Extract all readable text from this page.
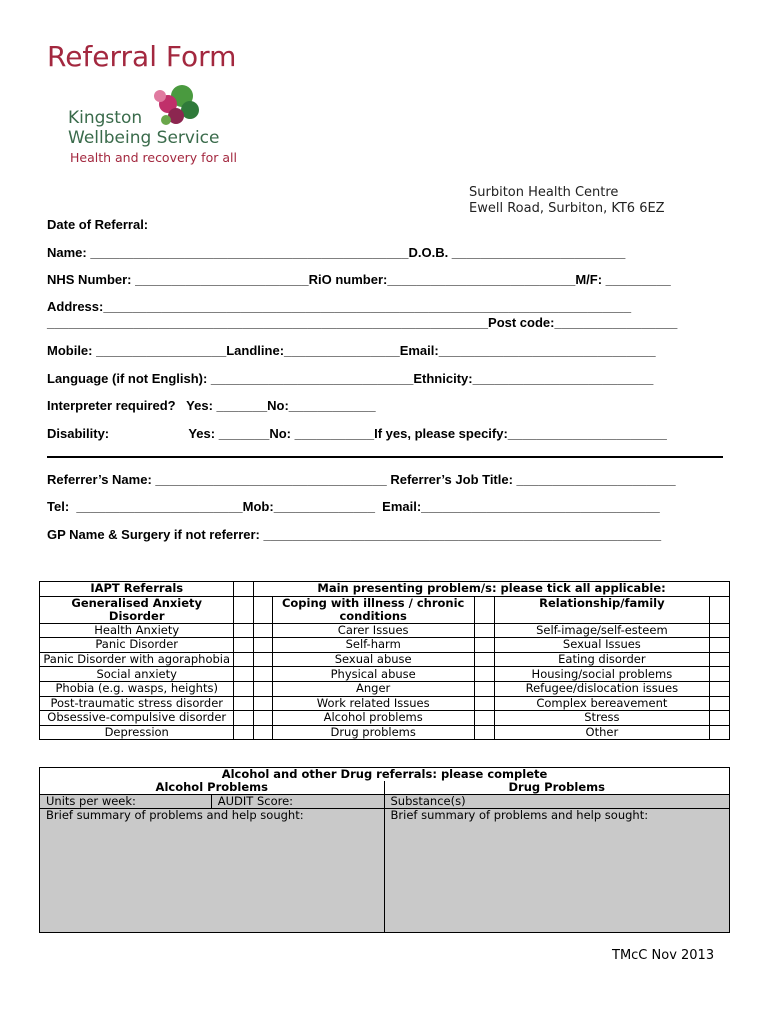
Referral Form
Kingston
Wellbeing Service
Health and recovery for all
Surbiton Health Centre
Ewell Road, Surbiton, KT6 6EZ
Date of Referral:
Name: ____________________________________________D.O.B. ________________________
NHS Number: ________________________RiO number:__________________________M/F: _________
Address:_________________________________________________________________________
_____________________________________________________________Post code:_________________
Mobile: __________________Landline:________________Email:______________________________
Language (if not English): ____________________________Ethnicity:_________________________
Interpreter required?   Yes: _______No:____________
Disability:                      Yes: _______No: ___________If yes, please specify:______________________
Referrer’s Name: ________________________________ Referrer’s Job Title: ______________________
Tel:  _______________________Mob:______________  Email:_________________________________
GP Name & Surgery if not referrer: _______________________________________________________
IAPT Referrals		Main presenting problem/s: please tick all applicable:				
Generalised Anxiety Disorder			Coping with illness / chronic conditions		Relationship/family	
Health Anxiety			Carer Issues		Self-image/self-esteem	
Panic Disorder			Self-harm		Sexual Issues	
Panic Disorder with agoraphobia			Sexual abuse		Eating disorder	
Social anxiety			Physical abuse		Housing/social problems	
Phobia (e.g. wasps, heights)			Anger		Refugee/dislocation issues	
Post-traumatic stress disorder			Work related Issues		Complex bereavement	
Obsessive-compulsive disorder			Alcohol problems		Stress	
Depression			Drug problems		Other	
Alcohol and other Drug referrals: please complete		
Alcohol Problems		Drug Problems
Units per week:	AUDIT Score:	Substance(s)
Brief summary of problems and help sought:		Brief summary of problems and help sought:
TMcC Nov 2013
